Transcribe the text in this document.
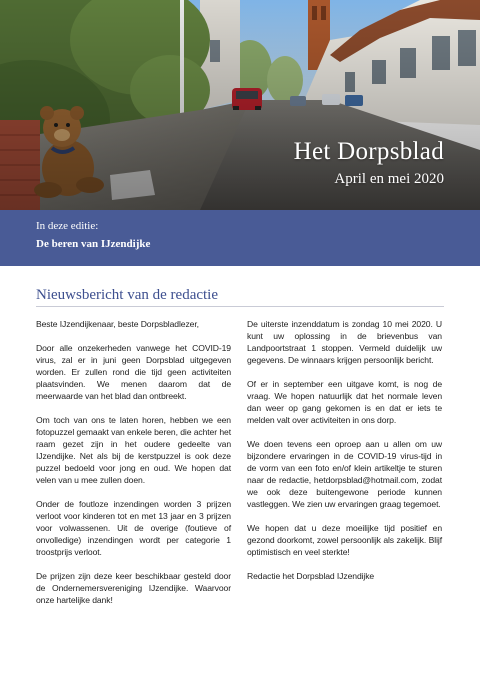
Het Dorpsblad
April en mei 2020
In deze editie:
De beren van IJzendijke
Nieuwsbericht van de redactie

Beste IJzendijkenaar, beste Dorpsbladlezer,

Door alle onzekerheden vanwege het COVID-19 virus, zal er in juni geen Dorpsblad uitgegeven worden. Er zullen rond die tijd geen activiteiten plaatsvinden. We menen daarom dat de meerwaarde van het blad dan ontbreekt.

Om toch van ons te laten horen, hebben we een fotopuzzel gemaakt van enkele beren, die achter het raam gezet zijn in het oudere gedeelte van IJzendijke. Net als bij de kerstpuzzel is ook deze puzzel bedoeld voor jong en oud. We hopen dat velen van u mee zullen doen.

Onder de foutloze inzendingen worden 3 prijzen verloot voor kinderen tot en met 13 jaar en 3 prijzen voor volwassenen. Uit de overige (foutieve of onvolledige) inzendingen wordt per categorie 1 troostprijs verloot.

De prijzen zijn deze keer beschikbaar gesteld door de Ondernemersvereniging IJzendijke. Waarvoor onze hartelijke dank!

De uiterste inzenddatum is zondag 10 mei 2020. U kunt uw oplossing in de brievenbus van Landpoortstraat 1 stoppen. Vermeld duidelijk uw gegevens. De winnaars krijgen persoonlijk bericht.

Of er in september een uitgave komt, is nog de vraag. We hopen natuurlijk dat het normale leven dan weer op gang gekomen is en dat er iets te melden valt over activiteiten in ons dorp.

We doen tevens een oproep aan u allen om uw bijzondere ervaringen in de COVID-19 virus-tijd in de vorm van een foto en/of klein artikeltje te sturen naar de redactie, hetdorpsblad@hotmail.com, zodat we ook deze buitengewone periode kunnen vastleggen. We zien uw ervaringen graag tegemoet.

We hopen dat u deze moeilijke tijd positief en gezond doorkomt, zowel persoonlijk als zakelijk. Blijf optimistisch en veel sterkte!

Redactie het Dorpsblad IJzendijke
